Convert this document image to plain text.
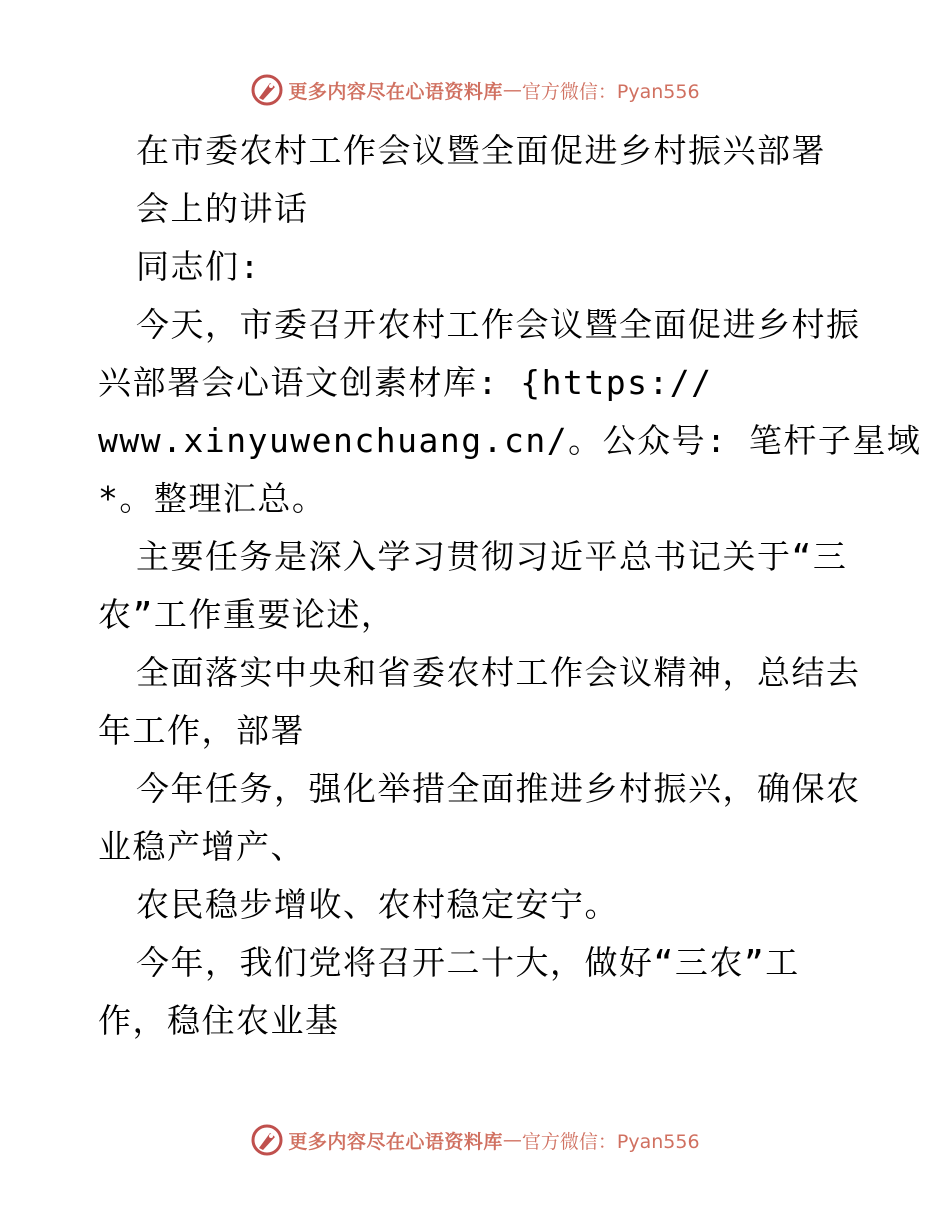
更多内容尽在心语资料库 — 官方微信：Pyan556
在市委农村工作会议暨全面促进乡村振兴部署
会上的讲话
同志们:
今天，市委召开农村工作会议暨全面促进乡村振
兴部署会心语文创素材库: {https://
www.xinyuwenchuang.cn/。公众号: 笔杆子星域
*。整理汇总。
主要任务是深入学习贯彻习近平总书记关于“三
农”工作重要论述，
全面落实中央和省委农村工作会议精神，总结去
年工作，部署
今年任务，强化举措全面推进乡村振兴，确保农
业稳产增产、
农民稳步增收、农村稳定安宁。
今年，我们党将召开二十大，做好“三农”工
作，稳住农业基
更多内容尽在心语资料库 — 官方微信：Pyan556
